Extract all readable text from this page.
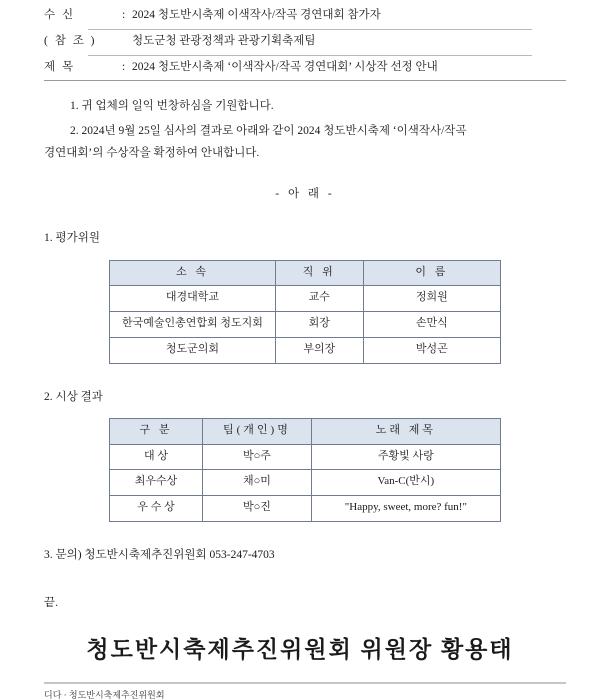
수 신	: 2024 청도반시축제 이색작사/작곡 경연대회 참가자
( 참 조 )	청도군청 관광정책과 관광기획축제팀
제 목	: 2024 청도반시축제 ‘이색작사/작곡 경연대회’ 시상작 선정 안내
1. 귀 업체의 일익 번창하심을 기원합니다.
2. 2024년 9월 25일 심사의 결과로 아래와 같이 2024 청도반시축제 ‘이색작사/작곡
경연대회’의 수상작을 확정하여 안내합니다.
- 아 래 -
1. 평가위원
소 속	직 위	이 름
대경대학교	교수	정희원
한국예술인총연합회 청도지회	회장	손만식
청도군의회	부의장	박성곤
2. 시상 결과
구 분	팀(개인)명	노래 제목
대 상	박○주	주황빛 사랑
최우수상	채○미	Van-C(반시)
우 수 상	박○진	"Happy, sweet, more? fun!"
3. 문의) 청도반시축제추진위원회 053-247-4703
끝.
청도반시축제추진위원회 위원장 황용태
디다 · 청도반시축제추진위원회
